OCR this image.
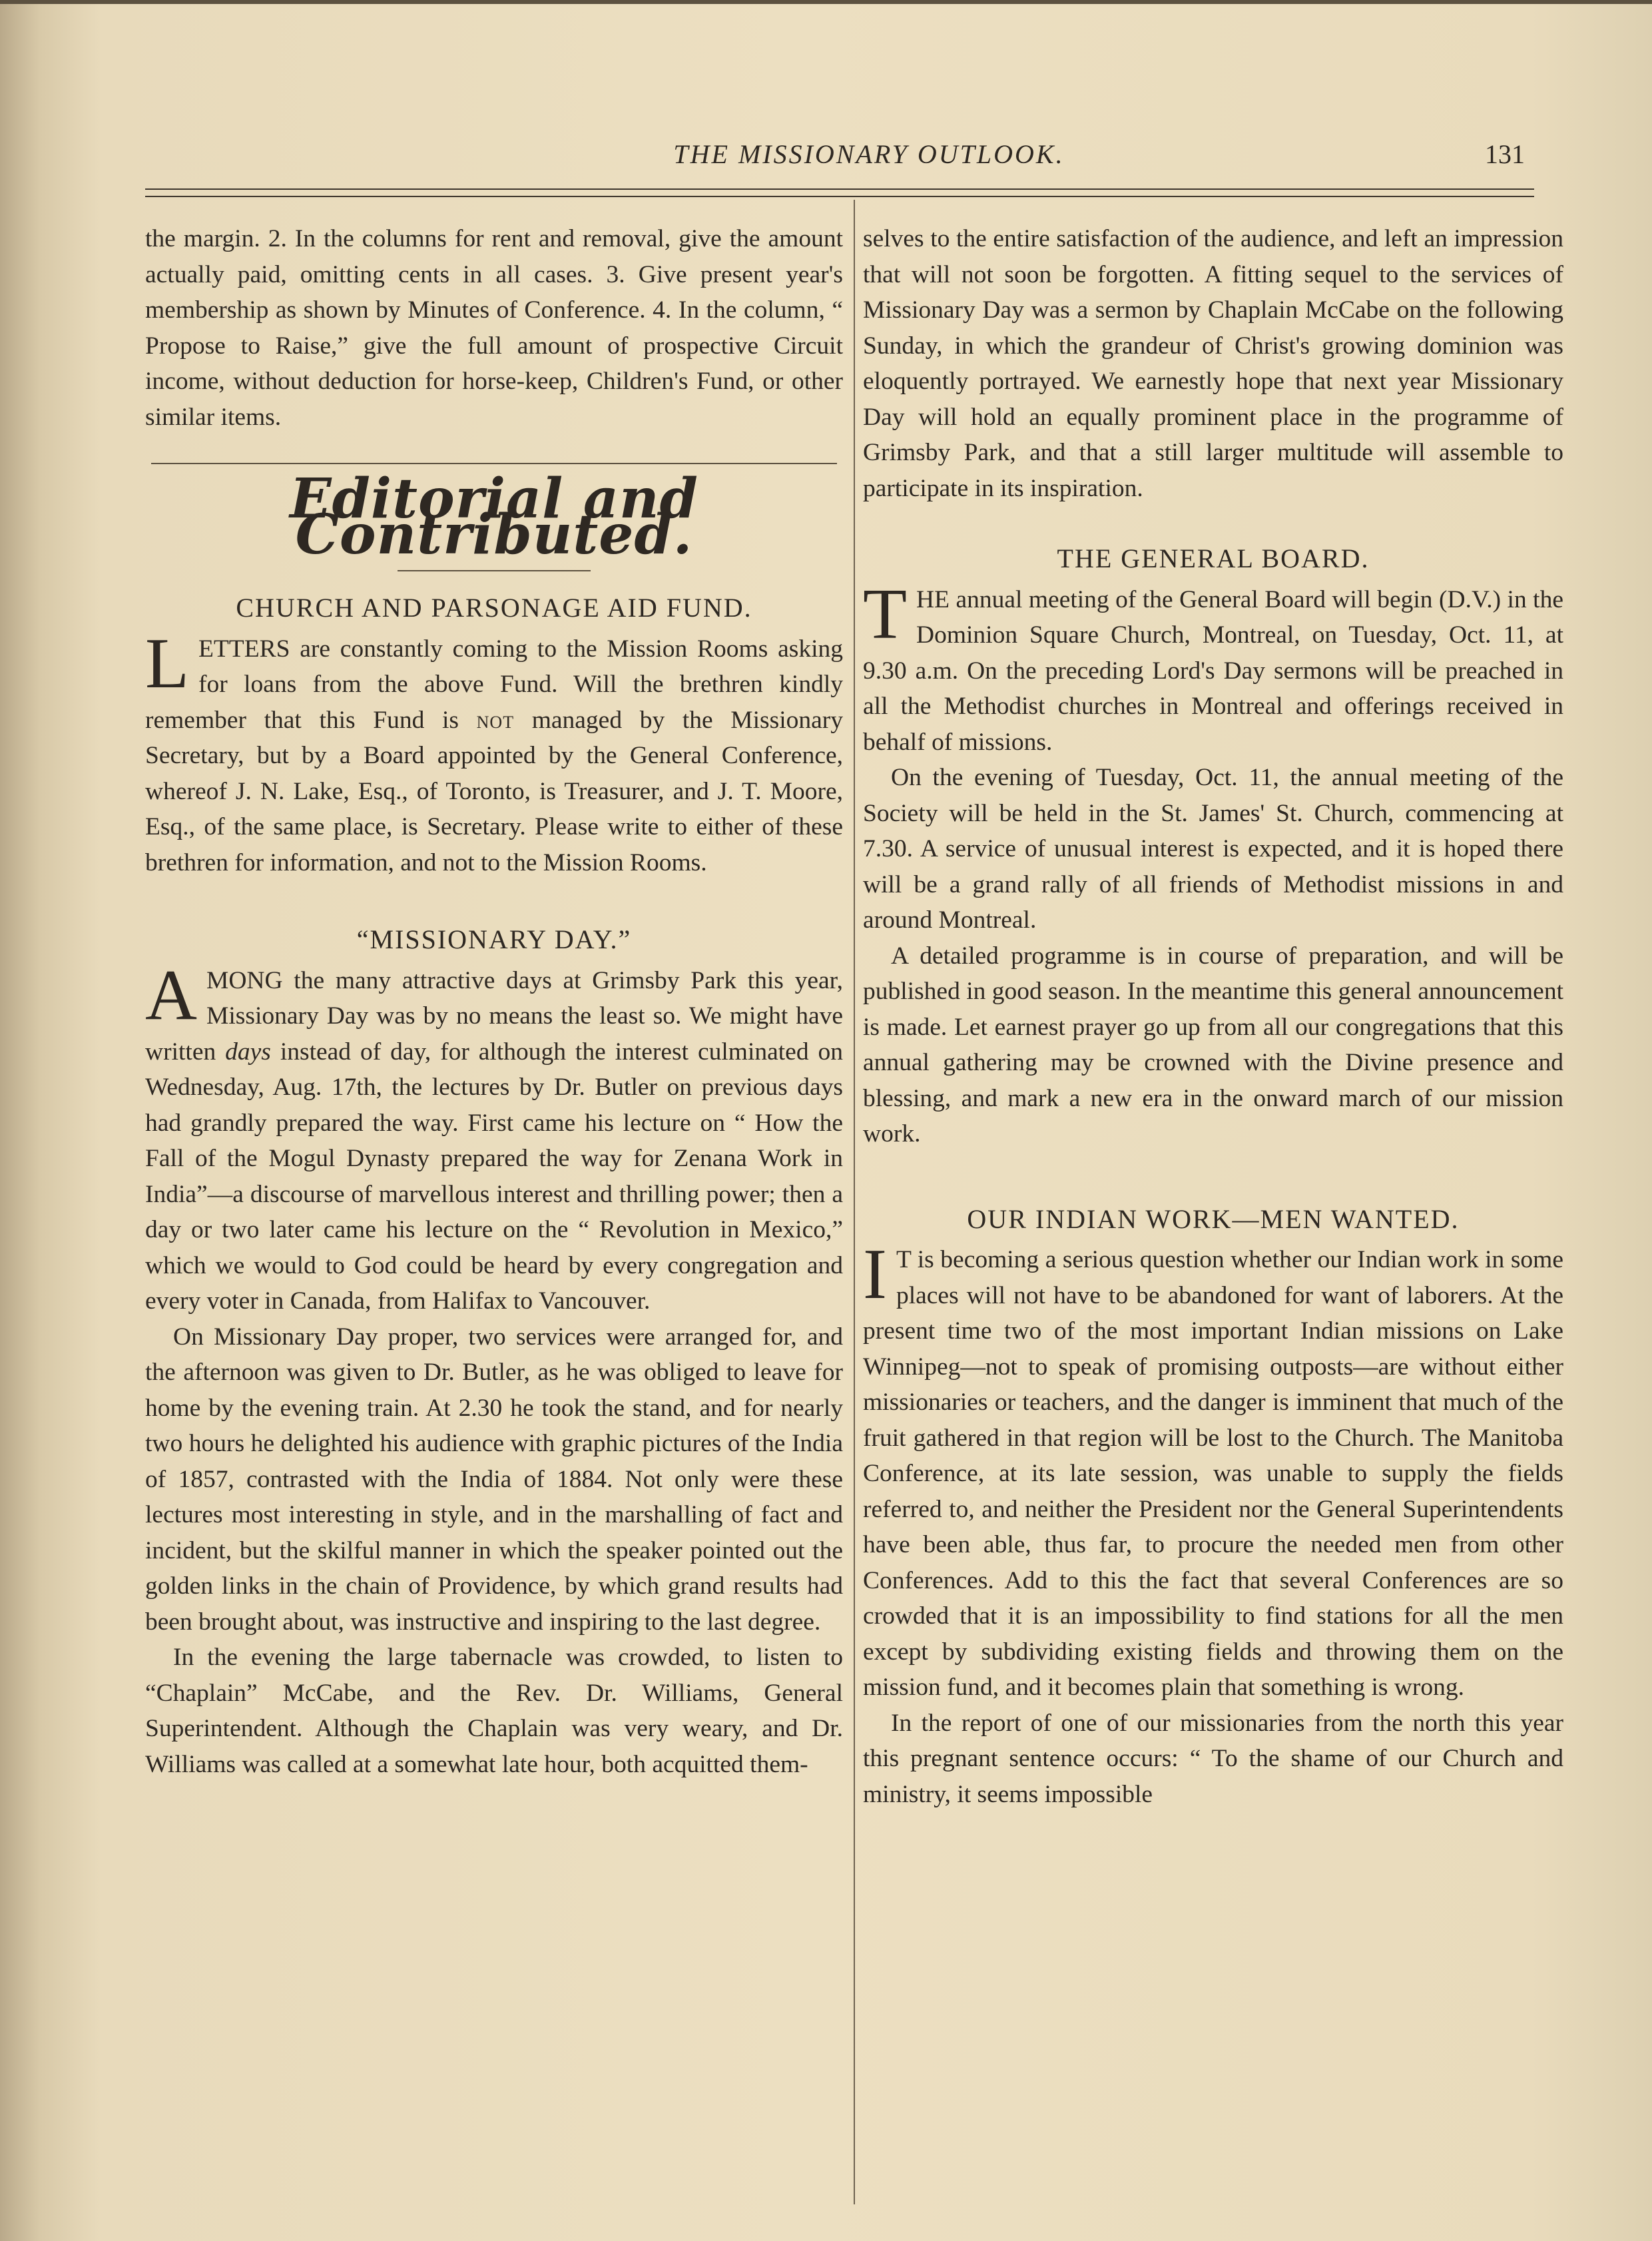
THE MISSIONARY OUTLOOK.	131

the margin. 2. In the columns for rent and removal, give the amount actually paid, omitting cents in all cases. 3. Give present year's membership as shown by Minutes of Conference. 4. In the column, “ Propose to Raise,” give the full amount of prospective Circuit income, without deduction for horse-keep, Children's Fund, or other similar items.

Editorial and Contributed.

CHURCH AND PARSONAGE AID FUND.

LETTERS are constantly coming to the Mission Rooms asking for loans from the above Fund. Will the brethren kindly remember that this Fund is not managed by the Missionary Secretary, but by a Board appointed by the General Conference, whereof J. N. Lake, Esq., of Toronto, is Treasurer, and J. T. Moore, Esq., of the same place, is Secretary. Please write to either of these brethren for information, and not to the Mission Rooms.

“MISSIONARY DAY.”

AMONG the many attractive days at Grimsby Park this year, Missionary Day was by no means the least so. We might have written days instead of day, for although the interest culminated on Wednesday, Aug. 17th, the lectures by Dr. Butler on previous days had grandly prepared the way. First came his lecture on “ How the Fall of the Mogul Dynasty prepared the way for Zenana Work in India”—a discourse of marvellous interest and thrilling power; then a day or two later came his lecture on the “ Revolution in Mexico,” which we would to God could be heard by every congregation and every voter in Canada, from Halifax to Vancouver.

On Missionary Day proper, two services were arranged for, and the afternoon was given to Dr. Butler, as he was obliged to leave for home by the evening train. At 2.30 he took the stand, and for nearly two hours he delighted his audience with graphic pictures of the India of 1857, contrasted with the India of 1884. Not only were these lectures most interesting in style, and in the marshalling of fact and incident, but the skilful manner in which the speaker pointed out the golden links in the chain of Providence, by which grand results had been brought about, was instructive and inspiring to the last degree.

In the evening the large tabernacle was crowded, to listen to “Chaplain” McCabe, and the Rev. Dr. Williams, General Superintendent. Although the Chaplain was very weary, and Dr. Williams was called at a somewhat late hour, both acquitted them-

selves to the entire satisfaction of the audience, and left an impression that will not soon be forgotten. A fitting sequel to the services of Missionary Day was a sermon by Chaplain McCabe on the following Sunday, in which the grandeur of Christ's growing dominion was eloquently portrayed. We earnestly hope that next year Missionary Day will hold an equally prominent place in the programme of Grimsby Park, and that a still larger multitude will assemble to participate in its inspiration.

THE GENERAL BOARD.

THE annual meeting of the General Board will begin (D.V.) in the Dominion Square Church, Montreal, on Tuesday, Oct. 11, at 9.30 a.m. On the preceding Lord's Day sermons will be preached in all the Methodist churches in Montreal and offerings received in behalf of missions.

On the evening of Tuesday, Oct. 11, the annual meeting of the Society will be held in the St. James' St. Church, commencing at 7.30. A service of unusual interest is expected, and it is hoped there will be a grand rally of all friends of Methodist missions in and around Montreal.

A detailed programme is in course of preparation, and will be published in good season. In the meantime this general announcement is made. Let earnest prayer go up from all our congregations that this annual gathering may be crowned with the Divine presence and blessing, and mark a new era in the onward march of our mission work.

OUR INDIAN WORK—MEN WANTED.

I T is becoming a serious question whether our Indian work in some places will not have to be abandoned for want of laborers. At the present time two of the most important Indian missions on Lake Winnipeg—not to speak of promising outposts—are without either missionaries or teachers, and the danger is imminent that much of the fruit gathered in that region will be lost to the Church. The Manitoba Conference, at its late session, was unable to supply the fields referred to, and neither the President nor the General Superintendents have been able, thus far, to procure the needed men from other Conferences. Add to this the fact that several Conferences are so crowded that it is an impossibility to find stations for all the men except by subdividing existing fields and throwing them on the mission fund, and it becomes plain that something is wrong.

In the report of one of our missionaries from the north this year this pregnant sentence occurs: “ To the shame of our Church and ministry, it seems impossible
